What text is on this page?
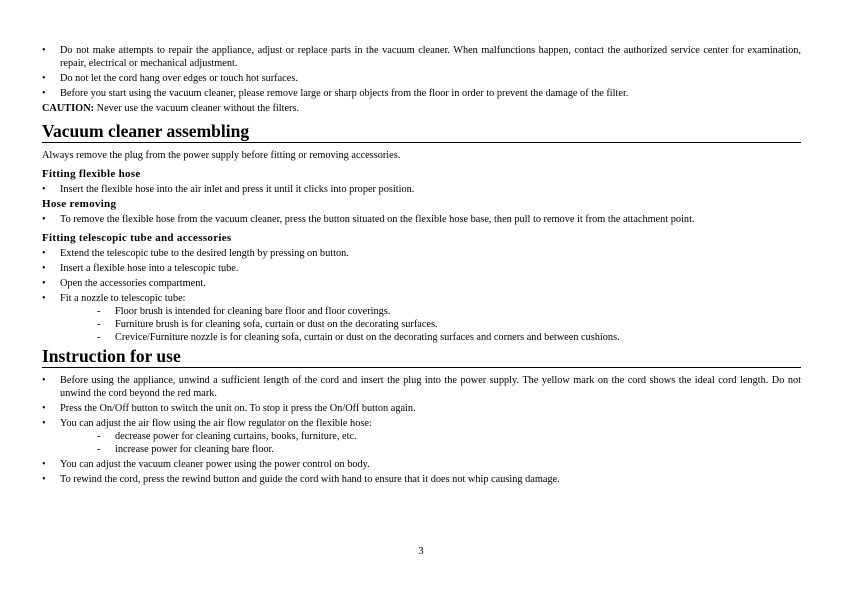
• Do not make attempts to repair the appliance, adjust or replace parts in the vacuum cleaner. When malfunctions happen, contact the authorized service center for examination, repair, electrical or mechanical adjustment.
• Do not let the cord hang over edges or touch hot surfaces.
• Before you start using the vacuum cleaner, please remove large or sharp objects from the floor in order to prevent the damage of the filter.

CAUTION: Never use the vacuum cleaner without the filters.

Vacuum cleaner assembling

Always remove the plug from the power supply before fitting or removing accessories.

Fitting flexible hose
• Insert the flexible hose into the air inlet and press it until it clicks into proper position.
Hose removing
• To remove the flexible hose from the vacuum cleaner, press the button situated on the flexible hose base, then pull to remove it from the attachment point.
Fitting telescopic tube and accessories
• Extend the telescopic tube to the desired length by pressing on button.
• Insert a flexible hose into a telescopic tube.
• Open the accessories compartment.
• Fit a nozzle to telescopic tube:
- Floor brush is intended for cleaning bare floor and floor coverings.
- Furniture brush is for cleaning sofa, curtain or dust on the decorating surfaces.
- Crevice/Furniture nozzle is for cleaning sofa, curtain or dust on the decorating surfaces and corners and between cushions.
Instruction for use
• Before using the appliance, unwind a sufficient length of the cord and insert the plug into the power supply. The yellow mark on the cord shows the ideal cord length. Do not unwind the cord beyond the red mark.
• Press the On/Off button to switch the unit on. To stop it press the On/Off button again.
• You can adjust the air flow using the air flow regulator on the flexible hose:
- decrease power for cleaning curtains, books, furniture, etc.
- increase power for cleaning bare floor.
• You can adjust the vacuum cleaner power using the power control on body.
• To rewind the cord, press the rewind button and guide the cord with hand to ensure that it does not whip causing damage.
3
